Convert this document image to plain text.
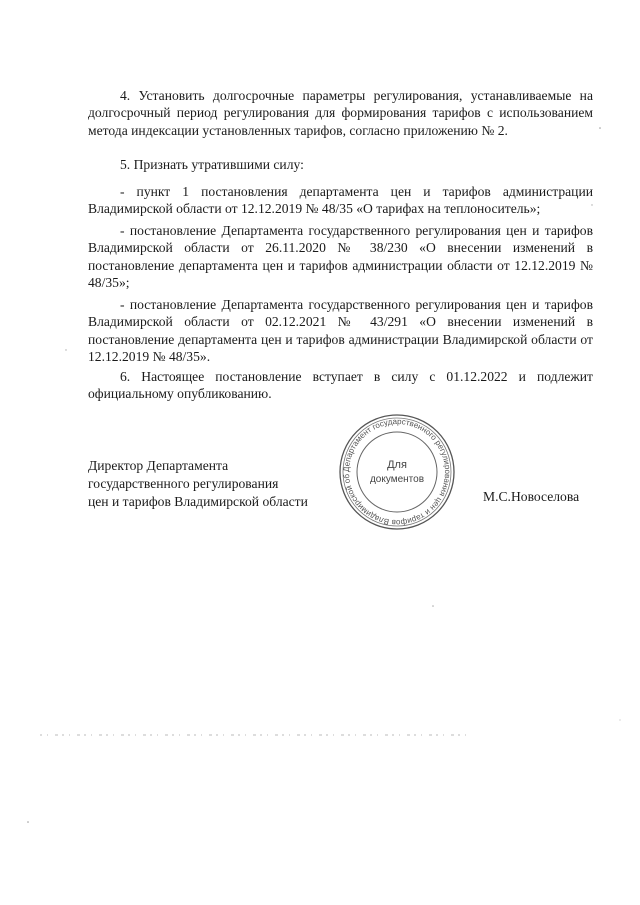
4. Установить долгосрочные параметры регулирования, устанавливаемые на долгосрочный период регулирования для формирования тарифов с использованием метода индексации установленных тарифов, согласно приложению № 2.

5. Признать утратившими силу:

- пункт 1 постановления департамента цен и тарифов администрации Владимирской области от 12.12.2019 № 48/35 «О тарифах на теплоноситель»;

- постановление Департамента государственного регулирования цен и тарифов Владимирской области от 26.11.2020 № 38/230 «О внесении изменений в постановление департамента цен и тарифов администрации области от 12.12.2019 № 48/35»;

- постановление Департамента государственного регулирования цен и тарифов Владимирской области от 02.12.2021 № 43/291 «О внесении изменений в постановление департамента цен и тарифов администрации Владимирской области от 12.12.2019 № 48/35».

6. Настоящее постановление вступает в силу с 01.12.2022 и подлежит официальному опубликованию.

Директор Департамента
государственного регулирования
цен и тарифов Владимирской области
Департамент государственного регулирования цен и тарифов Владимирской об
Для
документов
М.С.Новоселова
